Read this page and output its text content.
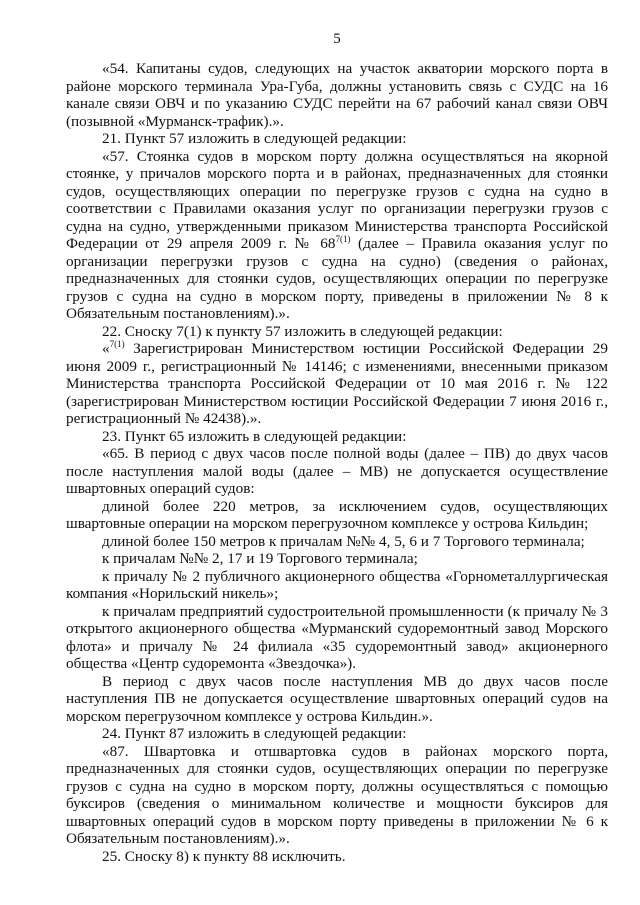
5

«54. Капитаны судов, следующих на участок акватории морского порта в районе морского терминала Ура-Губа, должны установить связь с СУДС на 16 канале связи ОВЧ и по указанию СУДС перейти на 67 рабочий канал связи ОВЧ (позывной «Мурманск-трафик).».

21. Пункт 57 изложить в следующей редакции:

«57. Стоянка судов в морском порту должна осуществляться на якорной стоянке, у причалов морского порта и в районах, предназначенных для стоянки судов, осуществляющих операции по перегрузке грузов с судна на судно в соответствии с Правилами оказания услуг по организации перегрузки грузов с судна на судно, утвержденными приказом Министерства транспорта Российской Федерации от 29 апреля 2009 г. № $68^{7(1)}$ (далее – Правила оказания услуг по организации перегрузки грузов с судна на судно) (сведения о районах, предназначенных для стоянки судов, осуществляющих операции по перегрузке грузов с судна на судно в морском порту, приведены в приложении № 8 к Обязательным постановлениям).».

22. Сноску 7(1) к пункту 57 изложить в следующей редакции:

«$^{7(1)}$ Зарегистрирован Министерством юстиции Российской Федерации 29 июня 2009 г., регистрационный № 14146; с изменениями, внесенными приказом Министерства транспорта Российской Федерации от 10 мая 2016 г. № 122 (зарегистрирован Министерством юстиции Российской Федерации 7 июня 2016 г., регистрационный № 42438).».

23. Пункт 65 изложить в следующей редакции:

«65. В период с двух часов после полной воды (далее – ПВ) до двух часов после наступления малой воды (далее – МВ) не допускается осуществление швартовных операций судов:

длиной более 220 метров, за исключением судов, осуществляющих швартовные операции на морском перегрузочном комплексе у острова Кильдин;

длиной более 150 метров к причалам №№ 4, 5, 6 и 7 Торгового терминала;

к причалам №№ 2, 17 и 19 Торгового терминала;

к причалу № 2 публичного акционерного общества «Горнометаллургическая компания «Норильский никель»;

к причалам предприятий судостроительной промышленности (к причалу № 3 открытого акционерного общества «Мурманский судоремонтный завод Морского флота» и причалу № 24 филиала «35 судоремонтный завод» акционерного общества «Центр судоремонта «Звездочка»).

В период с двух часов после наступления МВ до двух часов после наступления ПВ не допускается осуществление швартовных операций судов на морском перегрузочном комплексе у острова Кильдин.».

24. Пункт 87 изложить в следующей редакции:

«87. Швартовка и отшвартовка судов в районах морского порта, предназначенных для стоянки судов, осуществляющих операции по перегрузке грузов с судна на судно в морском порту, должны осуществляться с помощью буксиров (сведения о минимальном количестве и мощности буксиров для швартовных операций судов в морском порту приведены в приложении № 6 к Обязательным постановлениям).».

25. Сноску 8) к пункту 88 исключить.
